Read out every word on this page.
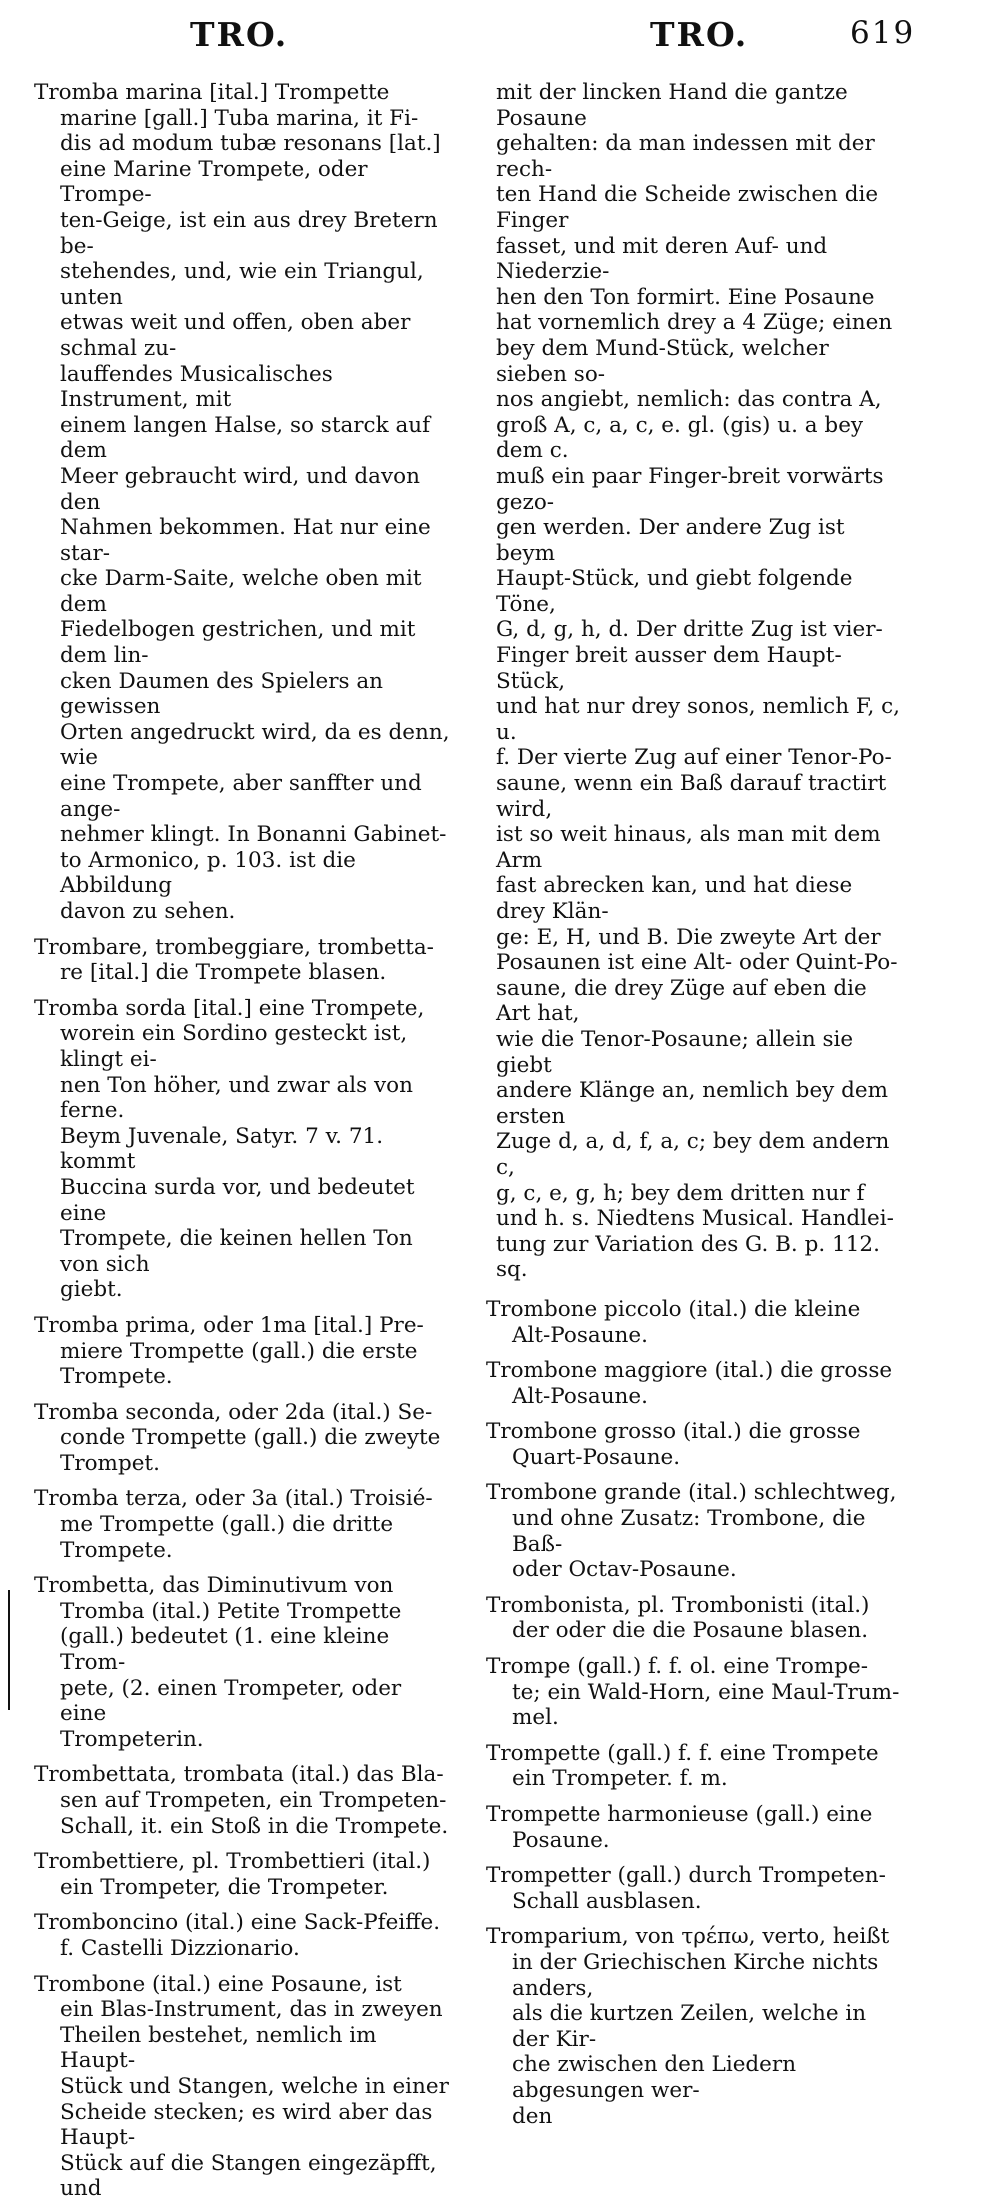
TRO.	TRO.	619

Tromba marina [ital.] Trompette
marine [gall.] Tuba marina, it Fi-
dis ad modum tubæ resonans [lat.]
eine Marine Trompete, oder Trompe-
ten-Geige, ist ein aus drey Bretern be-
stehendes, und, wie ein Triangul, unten
etwas weit und offen, oben aber schmal zu-
lauffendes Musicalisches Instrument, mit
einem langen Halse, so starck auf dem
Meer gebraucht wird, und davon den
Nahmen bekommen. Hat nur eine star-
cke Darm-Saite, welche oben mit dem
Fiedelbogen gestrichen, und mit dem lin-
cken Daumen des Spielers an gewissen
Orten angedruckt wird, da es denn, wie
eine Trompete, aber sanffter und ange-
nehmer klingt. In Bonanni Gabinet-
to Armonico, p. 103. ist die Abbildung
davon zu sehen.

Trombare, trombeggiare, trombetta-
re [ital.] die Trompete blasen.

Tromba sorda [ital.] eine Trompete,
worein ein Sordino gesteckt ist, klingt ei-
nen Ton höher, und zwar als von ferne.
Beym Juvenale, Satyr. 7 v. 71. kommt
Buccina surda vor, und bedeutet eine
Trompete, die keinen hellen Ton von sich
giebt.

Tromba prima, oder 1ma [ital.] Pre-
miere Trompette (gall.) die erste
Trompete.

Tromba seconda, oder 2da (ital.) Se-
conde Trompette (gall.) die zweyte
Trompet.

Tromba terza, oder 3a (ital.) Troisié-
me Trompette (gall.) die dritte
Trompete.

Trombetta, das Diminutivum von
Tromba (ital.) Petite Trompette
(gall.) bedeutet (1. eine kleine Trom-
pete, (2. einen Trompeter, oder eine
Trompeterin.

Trombettata, trombata (ital.) das Bla-
sen auf Trompeten, ein Trompeten-
Schall, it. ein Stoß in die Trompete.

Trombettiere, pl. Trombettieri (ital.)
ein Trompeter, die Trompeter.

Tromboncino (ital.) eine Sack-Pfeiffe.
f. Castelli Dizzionario.

Trombone (ital.) eine Posaune, ist
ein Blas-Instrument, das in zweyen
Theilen bestehet, nemlich im Haupt-
Stück und Stangen, welche in einer
Scheide stecken; es wird aber das Haupt-
Stück auf die Stangen eingezäpfft, und

mit der lincken Hand die gantze Posaune
gehalten: da man indessen mit der rech-
ten Hand die Scheide zwischen die Finger
fasset, und mit deren Auf- und Niederzie-
hen den Ton formirt. Eine Posaune
hat vornemlich drey a 4 Züge; einen
bey dem Mund-Stück, welcher sieben so-
nos angiebt, nemlich: das contra A,
groß A, c, a, c, e. gl. (gis) u. a bey dem c.
muß ein paar Finger-breit vorwärts gezo-
gen werden. Der andere Zug ist beym
Haupt-Stück, und giebt folgende Töne,
G, d, g, h, d. Der dritte Zug ist vier-
Finger breit ausser dem Haupt-Stück,
und hat nur drey sonos, nemlich F, c, u.
f. Der vierte Zug auf einer Tenor-Po-
saune, wenn ein Baß darauf tractirt wird,
ist so weit hinaus, als man mit dem Arm
fast abrecken kan, und hat diese drey Klän-
ge: E, H, und B. Die zweyte Art der
Posaunen ist eine Alt- oder Quint-Po-
saune, die drey Züge auf eben die Art hat,
wie die Tenor-Posaune; allein sie giebt
andere Klänge an, nemlich bey dem ersten
Zuge d, a, d, f, a, c; bey dem andern c,
g, c, e, g, h; bey dem dritten nur f
und h. s. Niedtens Musical. Handlei-
tung zur Variation des G. B. p. 112. sq.

Trombone piccolo (ital.) die kleine
Alt-Posaune.

Trombone maggiore (ital.) die grosse
Alt-Posaune.

Trombone grosso (ital.) die grosse
Quart-Posaune.

Trombone grande (ital.) schlechtweg,
und ohne Zusatz: Trombone, die Baß-
oder Octav-Posaune.

Trombonista, pl. Trombonisti (ital.)
der oder die die Posaune blasen.

Trompe (gall.) f. f. ol. eine Trompe-
te; ein Wald-Horn, eine Maul-Trum-
mel.

Trompette (gall.) f. f. eine Trompete
ein Trompeter. f. m.

Trompette harmonieuse (gall.) eine
Posaune.

Trompetter (gall.) durch Trompeten-
Schall ausblasen.

Tromparium, von τρέπω, verto, heißt
in der Griechischen Kirche nichts anders,
als die kurtzen Zeilen, welche in der Kir-
che zwischen den Liedern abgesungen wer-
den
